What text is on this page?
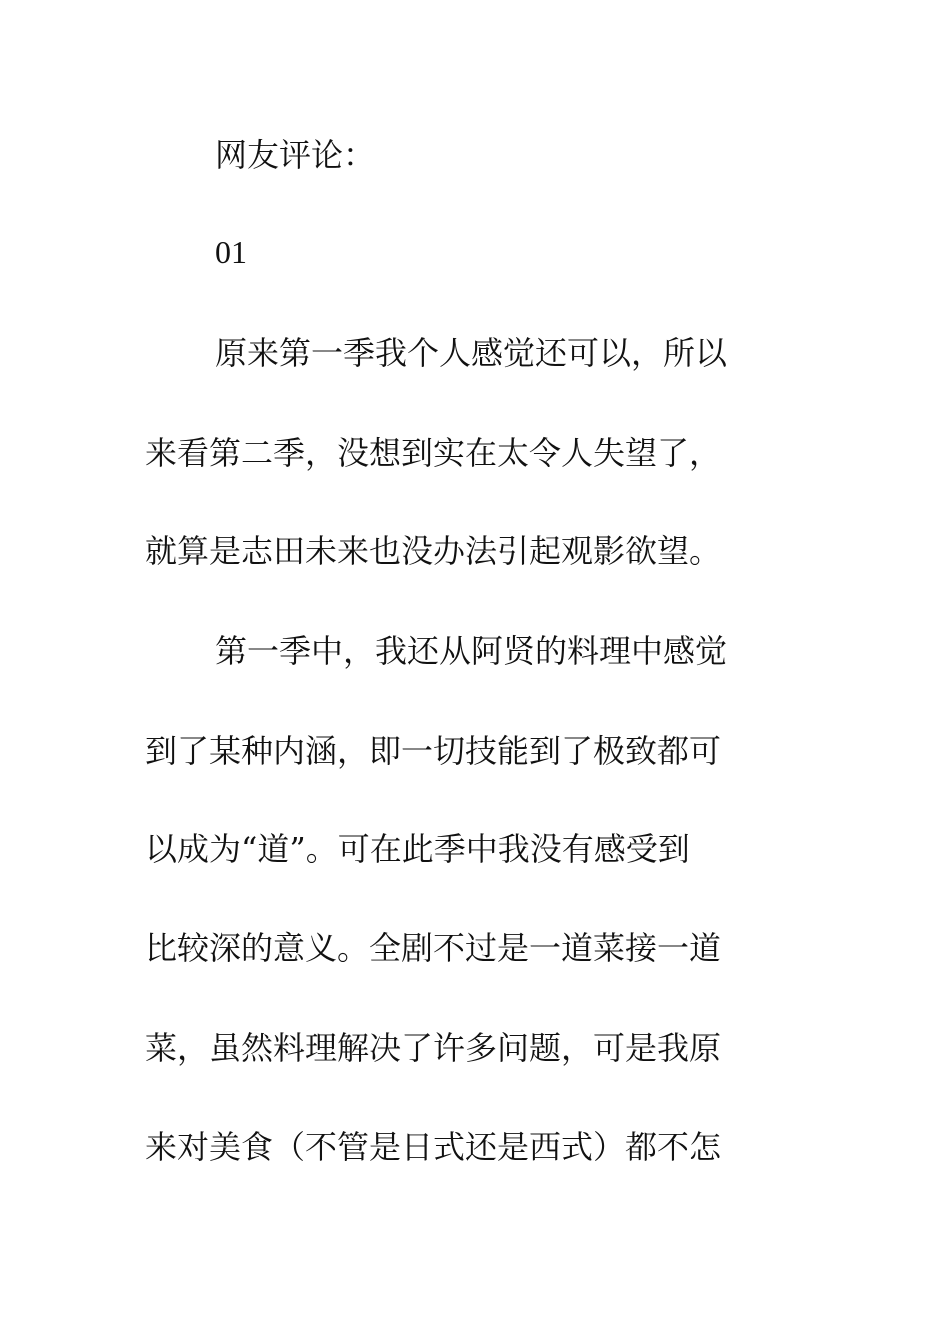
网友评论：
01
原来第一季我个人感觉还可以，所以
来看第二季，没想到实在太令人失望了，
就算是志田未来也没办法引起观影欲望。
第一季中，我还从阿贤的料理中感觉
到了某种内涵，即一切技能到了极致都可
以成为“道”。可在此季中我没有感受到
比较深的意义。全剧不过是一道菜接一道
菜，虽然料理解决了许多问题，可是我原
来对美食（不管是日式还是西式）都不怎
